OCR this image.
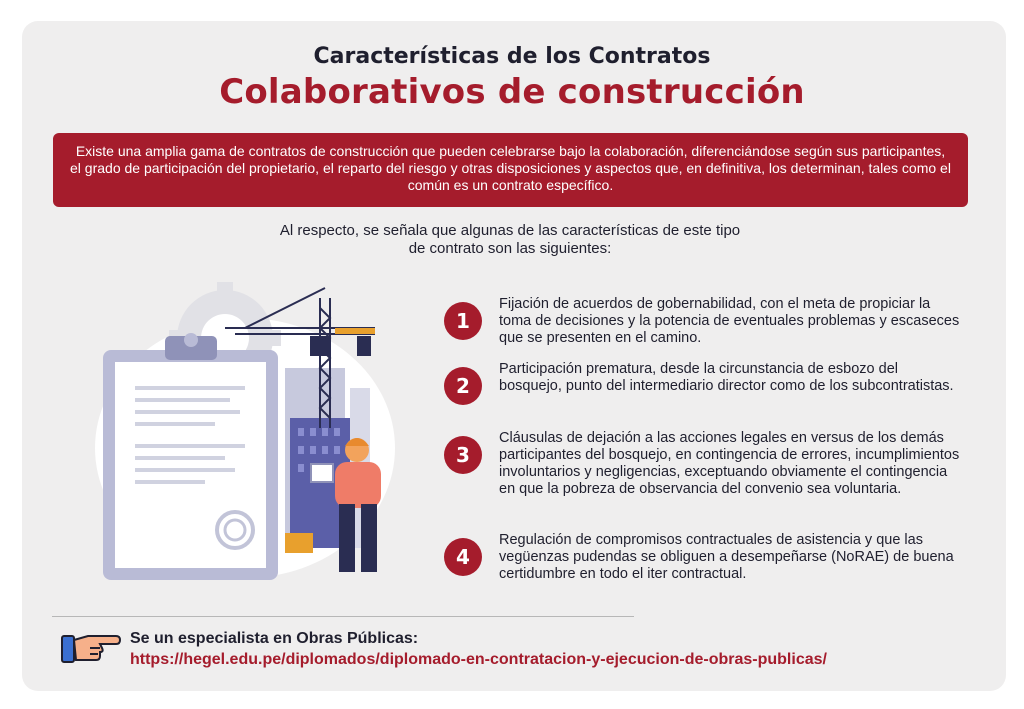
Características de los Contratos
Colaborativos de construcción
Existe una amplia gama de contratos de construcción que pueden celebrarse bajo la colaboración, diferenciándose según sus participantes, el grado de participación del propietario, el reparto del riesgo y otras disposiciones y aspectos que, en definitiva, los determinan, tales como el común es un contrato específico.
Al respecto, se señala que algunas de las características de este tipo
de contrato son las siguientes:
1
Fijación de acuerdos de gobernabilidad, con el meta de propiciar la toma de decisiones y la potencia de eventuales problemas y escaseces que se presenten en el camino.
2
Participación prematura, desde la circunstancia de esbozo del bosquejo, punto del intermediario director como de los subcontratistas.
3
Cláusulas de dejación a las acciones legales en versus de los demás participantes del bosquejo, en contingencia de errores, incumplimientos involuntarios y negligencias, exceptuando obviamente el contingencia en que la pobreza de observancia del convenio sea voluntaria.
4
Regulación de compromisos contractuales de asistencia y que las vegüenzas pudendas se obliguen a desempeñarse (NoRAE) de buena certidumbre en todo el iter contractual.
Se un especialista en Obras Públicas:
https://hegel.edu.pe/diplomados/diplomado-en-contratacion-y-ejecucion-de-obras-publicas/
